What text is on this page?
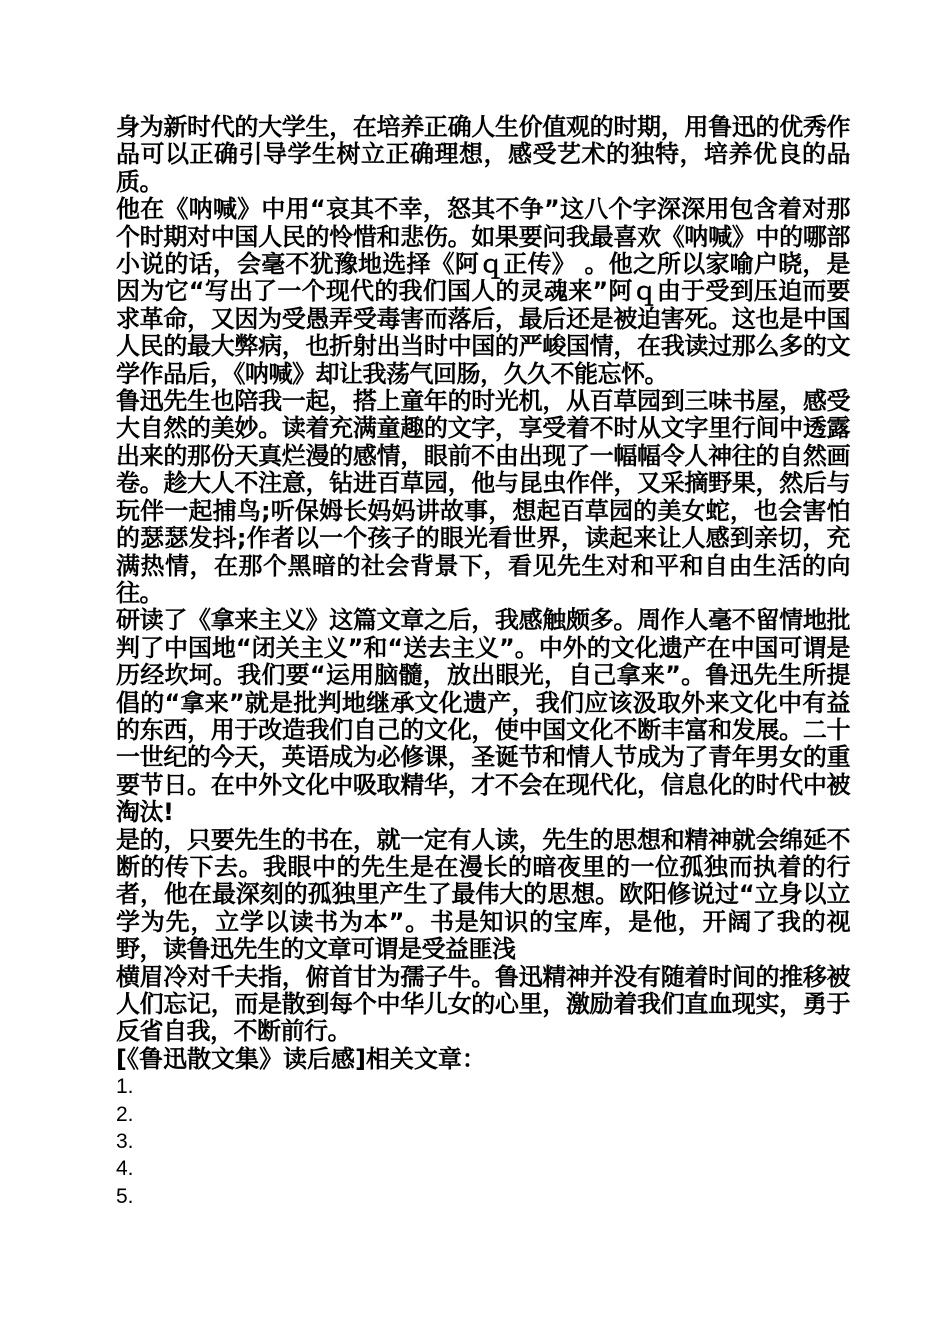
身为新时代的大学生，在培养正确人生价值观的时期，用鲁迅的优秀作品可以正确引导学生树立正确理想，感受艺术的独特，培养优良的品质。

他在《呐喊》中用“哀其不幸，怒其不争”这八个字深深用包含着对那个时期对中国人民的怜惜和悲伤。如果要问我最喜欢《呐喊》中的哪部小说的话，会毫不犹豫地选择《阿ｑ正传》 。他之所以家喻户晓，是因为它“写出了一个现代的我们国人的灵魂来”阿ｑ由于受到压迫而要求革命，又因为受愚弄受毒害而落后，最后还是被迫害死。这也是中国人民的最大弊病，也折射出当时中国的严峻国情，在我读过那么多的文学作品后，《呐喊》却让我荡气回肠，久久不能忘怀。

鲁迅先生也陪我一起，搭上童年的时光机，从百草园到三味书屋，感受大自然的美妙。读着充满童趣的文字，享受着不时从文字里行间中透露出来的那份天真烂漫的感情，眼前不由出现了一幅幅令人神往的自然画卷。趁大人不注意，钻进百草园，他与昆虫作伴，又采摘野果，然后与玩伴一起捕鸟;听保姆长妈妈讲故事，想起百草园的美女蛇，也会害怕的瑟瑟发抖;作者以一个孩子的眼光看世界，读起来让人感到亲切，充满热情，在那个黑暗的社会背景下，看见先生对和平和自由生活的向往。

研读了《拿来主义》这篇文章之后，我感触颇多。周作人毫不留情地批判了中国地“闭关主义”和“送去主义”。中外的文化遗产在中国可谓是历经坎坷。我们要“运用脑髓，放出眼光，自己拿来”。鲁迅先生所提倡的“拿来”就是批判地继承文化遗产，我们应该汲取外来文化中有益的东西，用于改造我们自己的文化，使中国文化不断丰富和发展。二十一世纪的今天，英语成为必修课，圣诞节和情人节成为了青年男女的重要节日。在中外文化中吸取精华，才不会在现代化，信息化的时代中被淘汰!

是的，只要先生的书在，就一定有人读，先生的思想和精神就会绵延不断的传下去。我眼中的先生是在漫长的暗夜里的一位孤独而执着的行者，他在最深刻的孤独里产生了最伟大的思想。欧阳修说过“立身以立学为先，立学以读书为本”。书是知识的宝库，是他，开阔了我的视野，读鲁迅先生的文章可谓是受益匪浅

横眉冷对千夫指，俯首甘为孺子牛。鲁迅精神并没有随着时间的推移被人们忘记，而是散到每个中华儿女的心里，激励着我们直血现实，勇于反省自我，不断前行。

[《鲁迅散文集》读后感]相关文章：

1.
2.
3.
4.
5.
